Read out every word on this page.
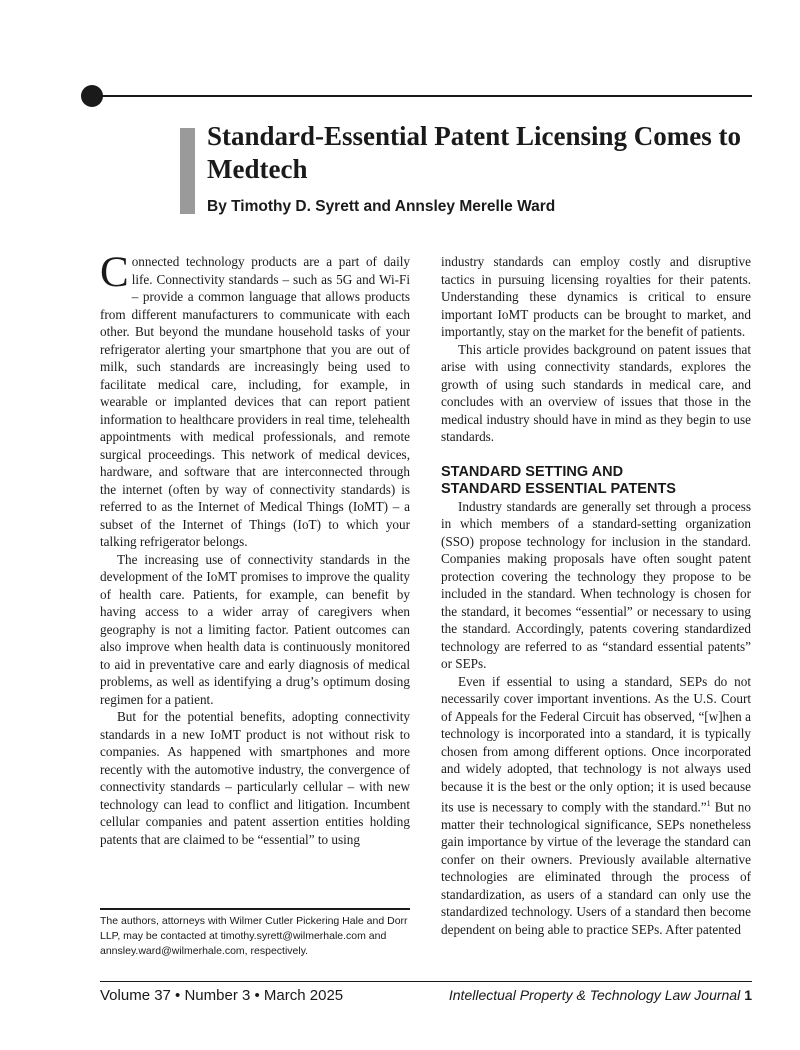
Standard-Essential Patent Licensing Comes to Medtech

By Timothy D. Syrett and Annsley Merelle Ward

Connected technology products are a part of daily life. Connectivity standards – such as 5G and Wi-Fi – provide a common language that allows products from different manufacturers to communicate with each other. But beyond the mundane household tasks of your refrigerator alerting your smartphone that you are out of milk, such standards are increasingly being used to facilitate medical care, including, for example, in wearable or implanted devices that can report patient information to healthcare providers in real time, telehealth appointments with medical professionals, and remote surgical proceedings. This network of medical devices, hardware, and software that are interconnected through the internet (often by way of connectivity standards) is referred to as the Internet of Medical Things (IoMT) – a subset of the Internet of Things (IoT) to which your talking refrigerator belongs.

The increasing use of connectivity standards in the development of the IoMT promises to improve the quality of health care. Patients, for example, can benefit by having access to a wider array of caregivers when geography is not a limiting factor. Patient outcomes can also improve when health data is continuously monitored to aid in preventative care and early diagnosis of medical problems, as well as identifying a drug’s optimum dosing regimen for a patient.

But for the potential benefits, adopting connectivity standards in a new IoMT product is not without risk to companies. As happened with smartphones and more recently with the automotive industry, the convergence of connectivity standards – particularly cellular – with new technology can lead to conflict and litigation. Incumbent cellular companies and patent assertion entities holding patents that are claimed to be “essential” to using

industry standards can employ costly and disruptive tactics in pursuing licensing royalties for their patents. Understanding these dynamics is critical to ensure important IoMT products can be brought to market, and importantly, stay on the market for the benefit of patients.

This article provides background on patent issues that arise with using connectivity standards, explores the growth of using such standards in medical care, and concludes with an overview of issues that those in the medical industry should have in mind as they begin to use standards.

STANDARD SETTING AND
STANDARD ESSENTIAL PATENTS

Industry standards are generally set through a process in which members of a standard-setting organization (SSO) propose technology for inclusion in the standard. Companies making proposals have often sought patent protection covering the technology they propose to be included in the standard. When technology is chosen for the standard, it becomes “essential” or necessary to using the standard. Accordingly, patents covering standardized technology are referred to as “standard essential patents” or SEPs.

Even if essential to using a standard, SEPs do not necessarily cover important inventions. As the U.S. Court of Appeals for the Federal Circuit has observed, “[w]hen a technology is incorporated into a standard, it is typically chosen from among different options. Once incorporated and widely adopted, that technology is not always used because it is the best or the only option; it is used because its use is necessary to comply with the standard.”$^1$ But no matter their technological significance, SEPs nonetheless gain importance by virtue of the leverage the standard can confer on their owners. Previously available alternative technologies are eliminated through the process of standardization, as users of a standard can only use the standardized technology. Users of a standard then become dependent on being able to practice SEPs. After patented

The authors, attorneys with Wilmer Cutler Pickering Hale and Dorr LLP, may be contacted at timothy.syrett@wilmerhale.com and annsley.ward@wilmerhale.com, respectively.

Volume 37 • Number 3 • March 2025	Intellectual Property & Technology Law Journal 1
